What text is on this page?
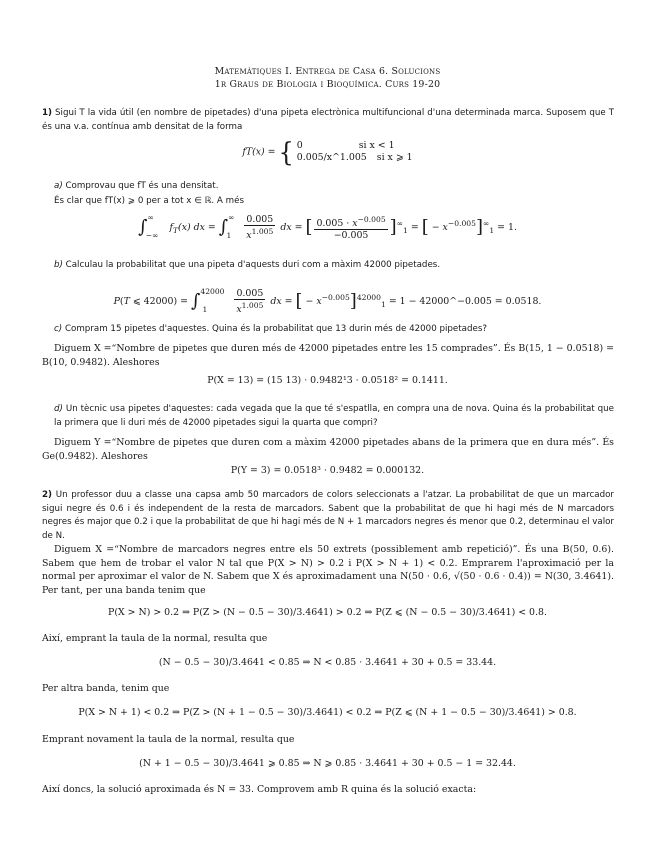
Matemàtiques I. Entrega de Casa 6. Solucions
1r Graus de Biologia i Bioquímica. Curs 19-20

1) Sigui T la vida útil (en nombre de pipetades) d'una pipeta electrònica multifuncional d'una determinada marca. Suposem que T és una v.a. contínua amb densitat de la forma

fT(x) = { 0	si x < 1
0.005/x^1.005 si x ⩾ 1

a) Comprovau que fT és una densitat.

És clar que fT(x) ⩾ 0 per a tot x ∈ ℝ. A més

$\int^\infty_{-\infty}$ $f_T(x)$ dx = $\int^\infty_1 \frac{0.005}{x^{1.005}}$ dx = [ $\frac{0.005 \cdot x^{-0.005}}{-0.005} ]^\infty_1$ = [ − $x^{-0.005}]^\infty_1 = 1$.

b) Calculau la probabilitat que una pipeta d'aquests duri com a màxim 42000 pipetades.

P(T ⩽ 42000) = ∫$^{42000}_1$	$\frac{0.005}{x^{1.005}}$ dx = [ − $x^{-0.005}]^{42000}_1 = 1$ − 42000^−0.005 = 0.0518.

c) Compram 15 pipetes d'aquestes. Quina és la probabilitat que 13 durin més de 42000 pipetades?

Diguem X =“Nombre de pipetes que duren més de 42000 pipetades entre les 15 comprades”. És B(15, 1 − 0.0518) = B(10, 0.9482). Aleshores

P(X = 13) = (15 13) · 0.9482¹3 · 0.0518² = 0.1411.

d) Un tècnic usa pipetes d'aquestes: cada vegada que la que té s'espatlla, en compra una de nova. Quina és la probabilitat que la primera que li duri més de 42000 pipetades sigui la quarta que compri?

Diguem Y =“Nombre de pipetes que duren com a màxim 42000 pipetades abans de la primera que en dura més”. És Ge(0.9482). Aleshores

P(Y = 3) = 0.0518³ · 0.9482 = 0.000132.

2) Un professor duu a classe una capsa amb 50 marcadors de colors seleccionats a l'atzar. La probabilitat de que un marcador sigui negre és 0.6 i és independent de la resta de marcadors. Sabent que la probabilitat de que hi hagi més de N marcadors negres és major que 0.2 i que la probabilitat de que hi hagi més de N + 1 marcadors negres és menor que 0.2, determinau el valor de N.

Diguem X =“Nombre de marcadors negres entre els 50 extrets (possiblement amb repetició)”. És una B(50, 0.6). Sabem que hem de trobar el valor N tal que P(X > N) > 0.2 i P(X > N + 1) < 0.2. Emprarem l'aproximació per la normal per aproximar el valor de N. Sabem que X és aproximadament una N(50 · 0.6, √(50 · 0.6 · 0.4)) = N(30, 3.4641). Per tant, per una banda tenim que

P(X > N) > 0.2 ⇒ P(Z > (N − 0.5 − 30)/3.4641) > 0.2 ⇒ P(Z ⩽ (N − 0.5 − 30)/3.4641) < 0.8.

Així, emprant la taula de la normal, resulta que

(N − 0.5 − 30)/3.4641 < 0.85 ⇒ N < 0.85 · 3.4641 + 30 + 0.5 = 33.44.

Per altra banda, tenim que

P(X > N + 1) < 0.2 ⇒ P(Z > (N + 1 − 0.5 − 30)/3.4641) < 0.2 ⇒ P(Z ⩽ (N + 1 − 0.5 − 30)/3.4641) > 0.8.

Emprant novament la taula de la normal, resulta que

(N + 1 − 0.5 − 30)/3.4641 ⩾ 0.85 ⇒ N ⩾ 0.85 · 3.4641 + 30 + 0.5 − 1 = 32.44.

Així doncs, la solució aproximada és N = 33. Comprovem amb R quina és la solució exacta:
